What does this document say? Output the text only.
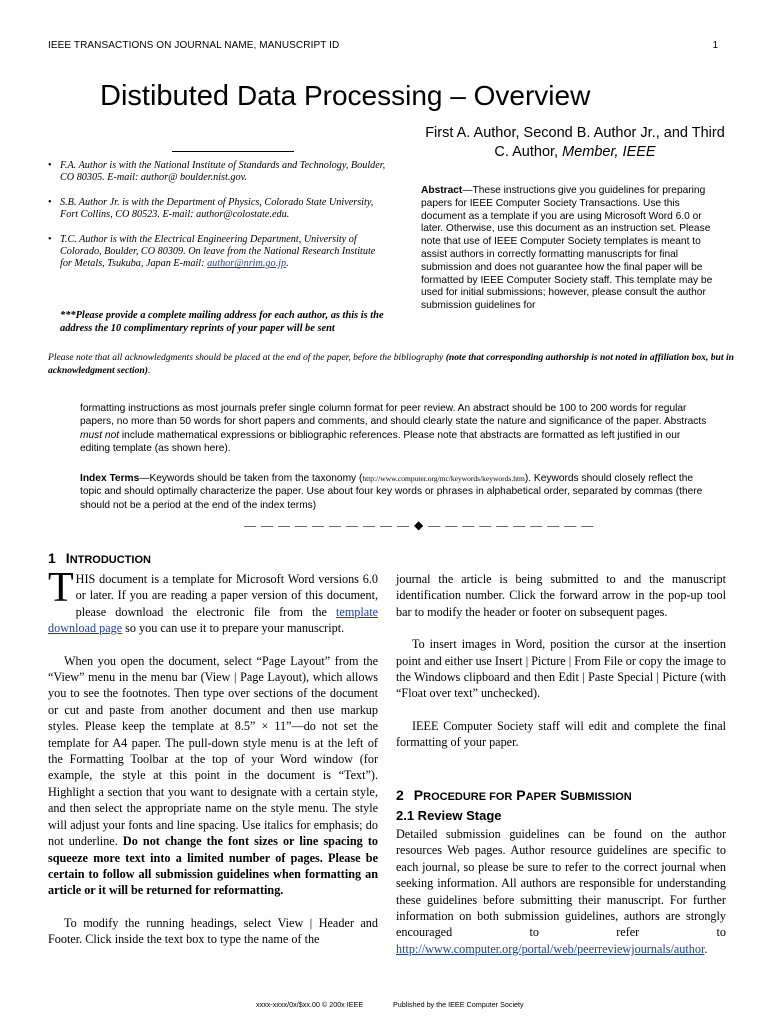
IEEE TRANSACTIONS ON JOURNAL NAME, MANUSCRIPT ID	1
Distibuted Data Processing – Overview
First A. Author, Second B. Author Jr., and Third
C. Author, Member, IEEE
• F.A. Author is with the National Institute of Standards and Technology, Boulder, CO 80305. E-mail: author@ boulder.nist.gov.
• S.B. Author Jr. is with the Department of Physics, Colorado State University, Fort Collins, CO 80523. E-mail: author@colostate.edu.
• T.C. Author is with the Electrical Engineering Department, University of Colorado, Boulder, CO 80309. On leave from the National Research Institute for Metals, Tsukuba, Japan E-mail: author@nrim.go.jp.
***Please provide a complete mailing address for each author, as this is the address the 10 complimentary reprints of your paper will be sent
Abstract—These instructions give you guidelines for preparing papers for IEEE Computer Society Transactions. Use this document as a template if you are using Microsoft Word 6.0 or later. Otherwise, use this document as an instruction set. Please note that use of IEEE Computer Society templates is meant to assist authors in correctly formatting manuscripts for final submission and does not guarantee how the final paper will be formatted by IEEE Computer Society staff. This template may be used for initial submissions; however, please consult the author submission guidelines for
Please note that all acknowledgments should be placed at the end of the paper, before the bibliography (note that corresponding authorship is not noted in affiliation box, but in acknowledgment section).
formatting instructions as most journals prefer single column format for peer review. An abstract should be 100 to 200 words for regular papers, no more than 50 words for short papers and comments, and should clearly state the nature and significance of the paper. Abstracts must not include mathematical expressions or bibliographic references. Please note that abstracts are formatted as left justified in our editing template (as shown here).
Index Terms—Keywords should be taken from the taxonomy (http://www.computer.org/mc/keywords/keywords.htm). Keywords should closely reflect the topic and should optimally characterize the paper. Use about four key words or phrases in alphabetical order, separated by commas (there should not be a period at the end of the index terms)
— — — — — — — — — — ◆ — — — — — — — — — —
1 INTRODUCTION

THIS document is a template for Microsoft Word versions 6.0 or later. If you are reading a paper version of this document, please download the electronic file from the template download page so you can use it to prepare your manuscript.

When you open the document, select “Page Layout” from the “View” menu in the menu bar (View | Page Layout), which allows you to see the footnotes. Then type over sections of the document or cut and paste from another document and then use markup styles. Please keep the template at 8.5” × 11”—do not set the template for A4 paper. The pull-down style menu is at the left of the Formatting Toolbar at the top of your Word window (for example, the style at this point in the document is “Text”). Highlight a section that you want to designate with a certain style, and then select the appropriate name on the style menu. The style will adjust your fonts and line spacing. Use italics for emphasis; do not underline. Do not change the font sizes or line spacing to squeeze more text into a limited number of pages. Please be certain to follow all submission guidelines when formatting an article or it will be returned for reformatting.

To modify the running headings, select View | Header and Footer. Click inside the text box to type the name of the

journal the article is being submitted to and the manuscript identification number. Click the forward arrow in the pop-up tool bar to modify the header or footer on subsequent pages.

To insert images in Word, position the cursor at the insertion point and either use Insert | Picture | From File or copy the image to the Windows clipboard and then Edit | Paste Special | Picture (with “Float over text” unchecked).

IEEE Computer Society staff will edit and complete the final formatting of your paper.

2 PROCEDURE FOR PAPER SUBMISSION
2.1 Review Stage

Detailed submission guidelines can be found on the author resources Web pages. Author resource guidelines are specific to each journal, so please be sure to refer to the correct journal when seeking information. All authors are responsible for understanding these guidelines before submitting their manuscript. For further information on both submission guidelines, authors are strongly encouraged to refer to http://www.computer.org/portal/web/peerreviewjournals/author.

xxxx-xxxx/0x/$xx.00 © 200x IEEE	Published by the IEEE Computer Society
